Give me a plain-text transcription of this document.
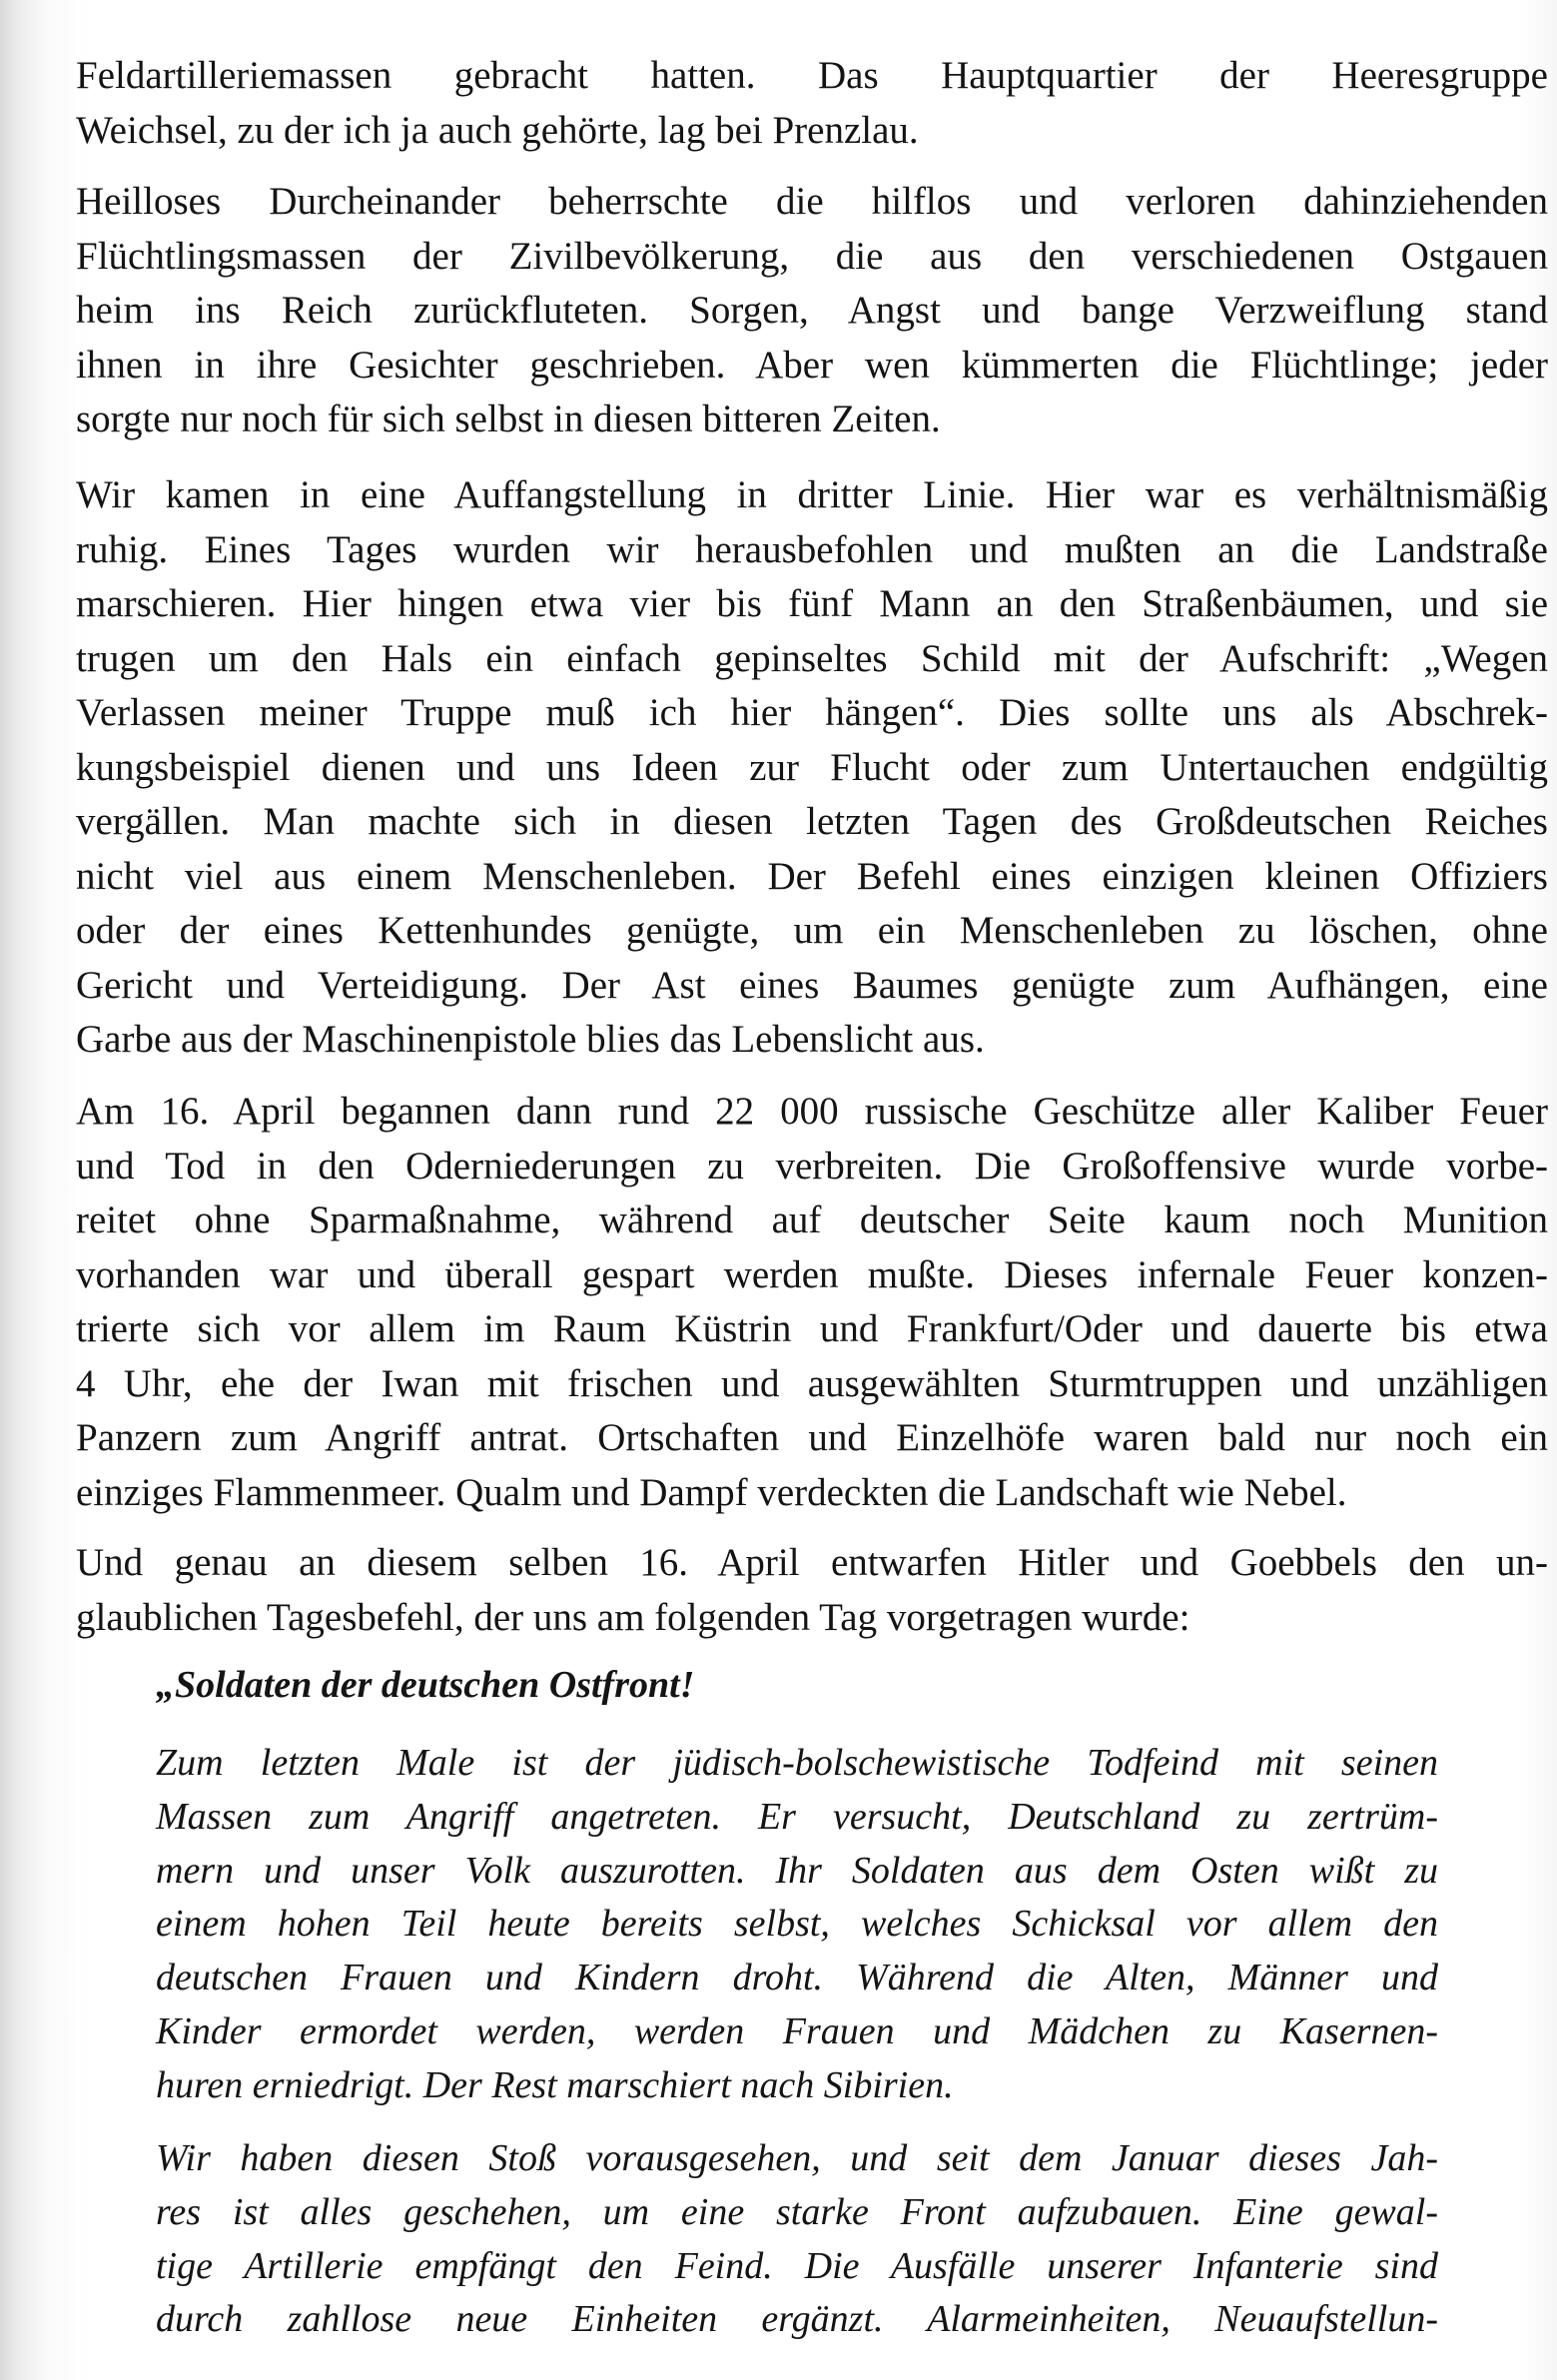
„Soldaten der deutschen Ostfront!
Feldartilleriemassen gebracht hatten. Das Hauptquartier der Heeresgruppe
Weichsel, zu der ich ja auch gehörte, lag bei Prenzlau.
Heilloses Durcheinander beherrschte die hilflos und verloren dahinziehenden
Flüchtlingsmassen der Zivilbevölkerung, die aus den verschiedenen Ostgauen
heim ins Reich zurückfluteten. Sorgen, Angst und bange Verzweiflung stand
ihnen in ihre Gesichter geschrieben. Aber wen kümmerten die Flüchtlinge; jeder
sorgte nur noch für sich selbst in diesen bitteren Zeiten.
Wir kamen in eine Auffangstellung in dritter Linie. Hier war es verhältnismäßig
ruhig. Eines Tages wurden wir herausbefohlen und mußten an die Landstraße
marschieren. Hier hingen etwa vier bis fünf Mann an den Straßenbäumen, und sie
trugen um den Hals ein einfach gepinseltes Schild mit der Aufschrift: „Wegen
Verlassen meiner Truppe muß ich hier hängen“. Dies sollte uns als Abschrek-
kungsbeispiel dienen und uns Ideen zur Flucht oder zum Untertauchen endgültig
vergällen. Man machte sich in diesen letzten Tagen des Großdeutschen Reiches
nicht viel aus einem Menschenleben. Der Befehl eines einzigen kleinen Offiziers
oder der eines Kettenhundes genügte, um ein Menschenleben zu löschen, ohne
Gericht und Verteidigung. Der Ast eines Baumes genügte zum Aufhängen, eine
Garbe aus der Maschinenpistole blies das Lebenslicht aus.
Am 16. April begannen dann rund 22 000 russische Geschütze aller Kaliber Feuer
und Tod in den Oderniederungen zu verbreiten. Die Großoffensive wurde vorbe-
reitet ohne Sparmaßnahme, während auf deutscher Seite kaum noch Munition
vorhanden war und überall gespart werden mußte. Dieses infernale Feuer konzen-
trierte sich vor allem im Raum Küstrin und Frankfurt/Oder und dauerte bis etwa
4 Uhr, ehe der Iwan mit frischen und ausgewählten Sturmtruppen und unzähligen
Panzern zum Angriff antrat. Ortschaften und Einzelhöfe waren bald nur noch ein
einziges Flammenmeer. Qualm und Dampf verdeckten die Landschaft wie Nebel.
Und genau an diesem selben 16. April entwarfen Hitler und Goebbels den un-
glaublichen Tagesbefehl, der uns am folgenden Tag vorgetragen wurde:
Zum letzten Male ist der jüdisch-bolschewistische Todfeind mit seinen
Massen zum Angriff angetreten. Er versucht, Deutschland zu zertrüm-
mern und unser Volk auszurotten. Ihr Soldaten aus dem Osten wißt zu
einem hohen Teil heute bereits selbst, welches Schicksal vor allem den
deutschen Frauen und Kindern droht. Während die Alten, Männer und
Kinder ermordet werden, werden Frauen und Mädchen zu Kasernen-
huren erniedrigt. Der Rest marschiert nach Sibirien.
Wir haben diesen Stoß vorausgesehen, und seit dem Januar dieses Jah-
res ist alles geschehen, um eine starke Front aufzubauen. Eine gewal-
tige Artillerie empfängt den Feind. Die Ausfälle unserer Infanterie sind
durch zahllose neue Einheiten ergänzt. Alarmeinheiten, Neuaufstellun-
